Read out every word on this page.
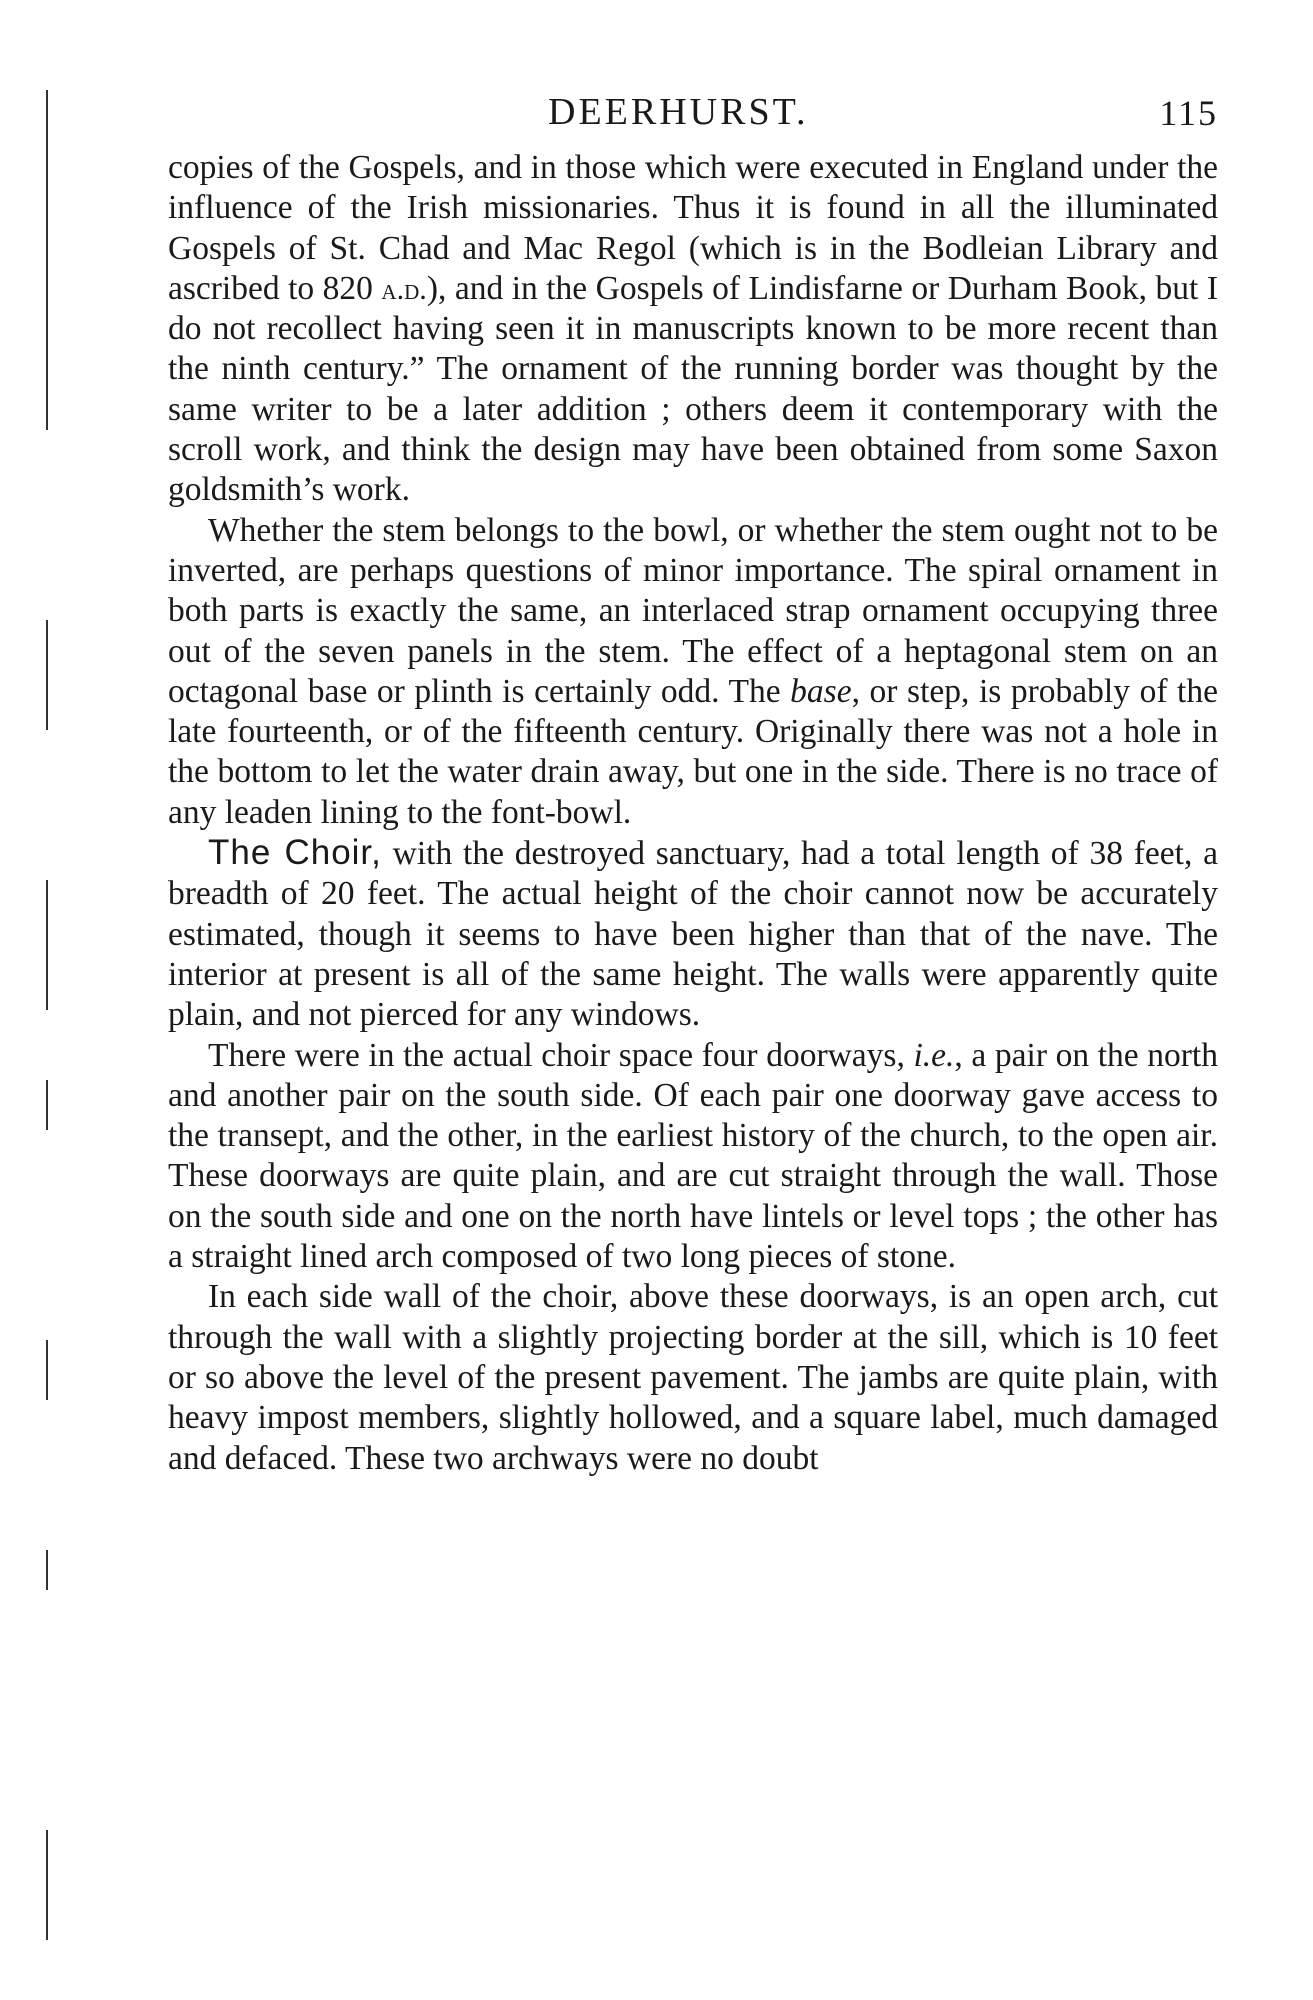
DEERHURST.	115

copies of the Gospels, and in those which were executed in England under the influence of the Irish missionaries. Thus it is found in all the illuminated Gospels of St. Chad and Mac Regol (which is in the Bodleian Library and ascribed to 820 a.d.), and in the Gospels of Lindisfarne or Durham Book, but I do not recollect having seen it in manuscripts known to be more recent than the ninth century.” The ornament of the running border was thought by the same writer to be a later addition ; others deem it contemporary with the scroll work, and think the design may have been obtained from some Saxon goldsmith’s work.

Whether the stem belongs to the bowl, or whether the stem ought not to be inverted, are perhaps questions of minor importance. The spiral ornament in both parts is exactly the same, an interlaced strap ornament occupying three out of the seven panels in the stem. The effect of a heptagonal stem on an octagonal base or plinth is certainly odd. The base, or step, is probably of the late fourteenth, or of the fifteenth century. Originally there was not a hole in the bottom to let the water drain away, but one in the side. There is no trace of any leaden lining to the font-bowl.

The Choir, with the destroyed sanctuary, had a total length of 38 feet, a breadth of 20 feet. The actual height of the choir cannot now be accurately estimated, though it seems to have been higher than that of the nave. The interior at present is all of the same height. The walls were apparently quite plain, and not pierced for any windows.

There were in the actual choir space four doorways, i.e., a pair on the north and another pair on the south side. Of each pair one doorway gave access to the transept, and the other, in the earliest history of the church, to the open air. These doorways are quite plain, and are cut straight through the wall. Those on the south side and one on the north have lintels or level tops ; the other has a straight lined arch composed of two long pieces of stone.

In each side wall of the choir, above these doorways, is an open arch, cut through the wall with a slightly projecting border at the sill, which is 10 feet or so above the level of the present pavement. The jambs are quite plain, with heavy impost members, slightly hollowed, and a square label, much damaged and defaced. These two archways were no doubt
